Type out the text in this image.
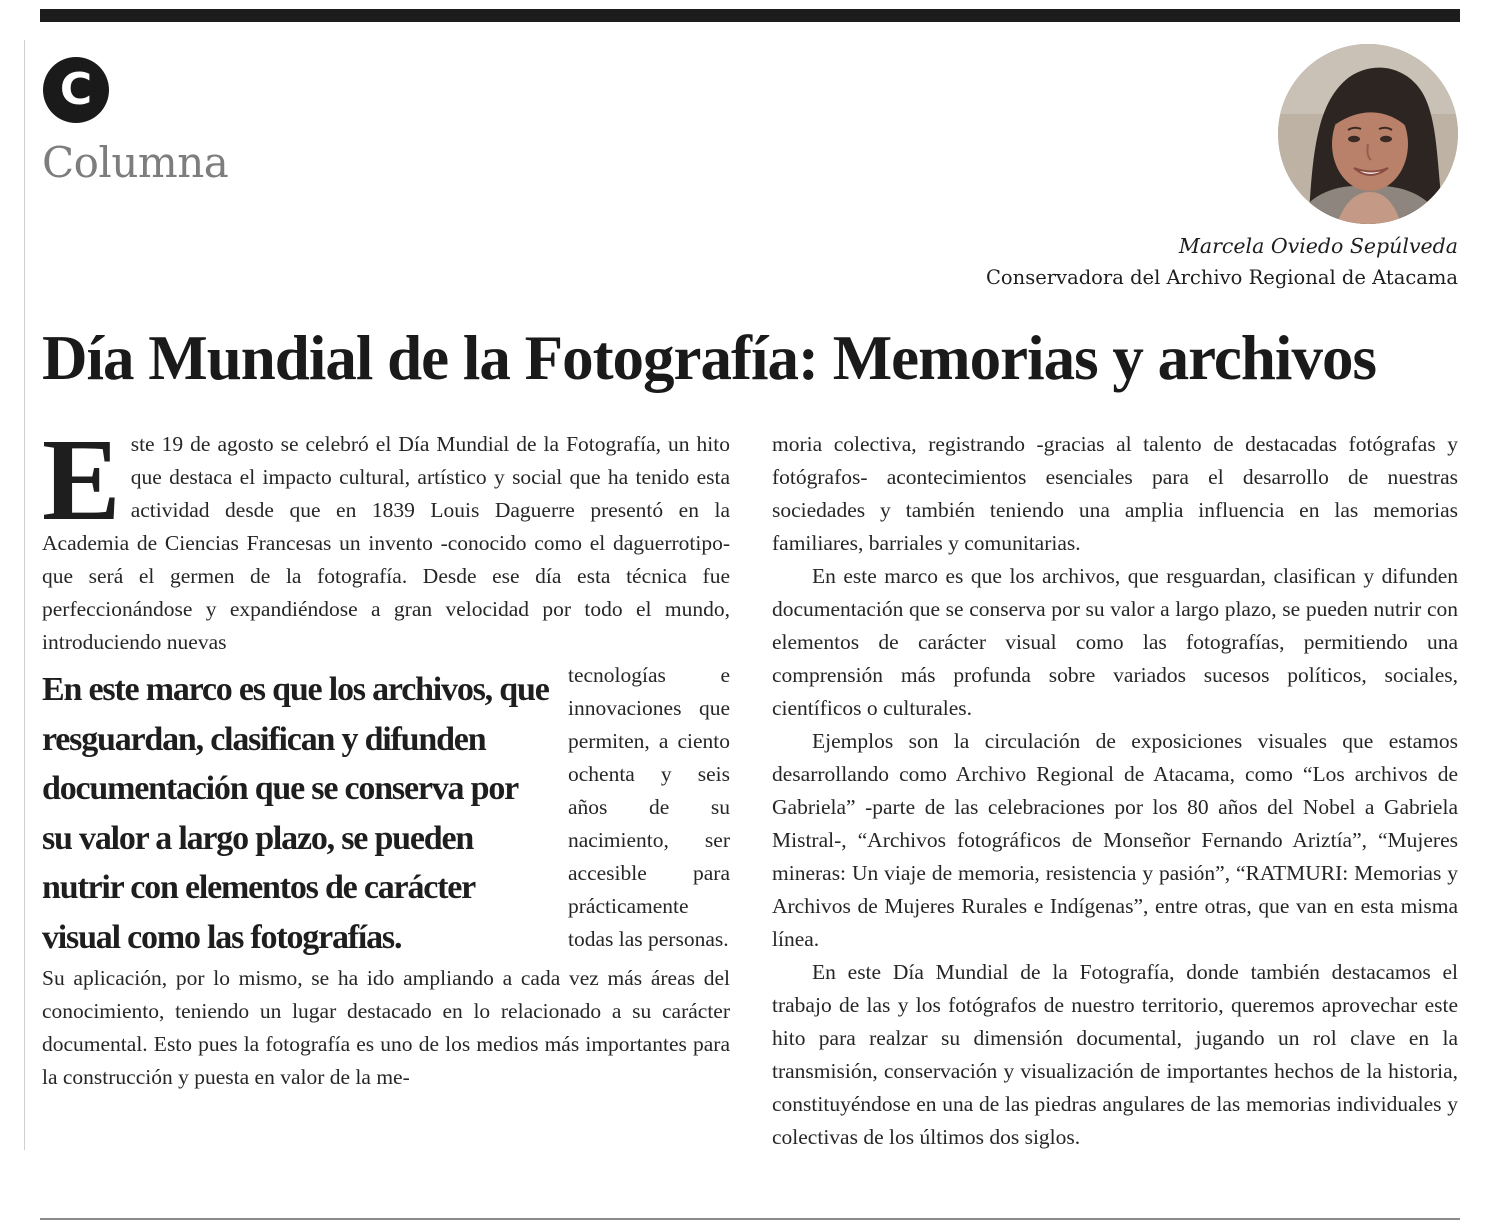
C
Columna
Marcela Oviedo Sepúlveda
Conservadora del Archivo Regional de Atacama
Día Mundial de la Fotografía: Memorias y archivos
E ste 19 de agosto se celebró el Día Mundial de la Fotografía, un hito que destaca el impacto cultural, artístico y social que ha tenido esta actividad desde que en 1839 Louis Daguerre presentó en la Academia de Ciencias Francesas un invento -conocido como el daguerrotipo- que será el germen de la fotografía. Desde ese día esta técnica fue perfeccionándose y expandiéndose a gran velocidad por todo el mundo, introduciendo nuevas

En este marco es que los archivos, que resguardan, clasifican y difunden documentación que se conserva por su valor a largo plazo, se pueden nutrir con elementos de carácter visual como las fotografías.

tecnologías e innovaciones que permiten, a ciento ochenta y seis años de su nacimiento, ser accesible para prácticamente todas las personas.

Su aplicación, por lo mismo, se ha ido ampliando a cada vez más áreas del conocimiento, teniendo un lugar destacado en lo relacionado a su carácter documental. Esto pues la fotografía es uno de los medios más importantes para la construcción y puesta en valor de la me-

moria colectiva, registrando -gracias al talento de destacadas fotógrafas y fotógrafos- acontecimientos esenciales para el desarrollo de nuestras sociedades y también teniendo una amplia influencia en las memorias familiares, barriales y comunitarias.

En este marco es que los archivos, que resguardan, clasifican y difunden documentación que se conserva por su valor a largo plazo, se pueden nutrir con elementos de carácter visual como las fotografías, permitiendo una comprensión más profunda sobre variados sucesos políticos, sociales, científicos o culturales.

Ejemplos son la circulación de exposiciones visuales que estamos desarrollando como Archivo Regional de Atacama, como “Los archivos de Gabriela” -parte de las celebraciones por los 80 años del Nobel a Gabriela Mistral-, “Archivos fotográficos de Monseñor Fernando Ariztía”, “Mujeres mineras: Un viaje de memoria, resistencia y pasión”, “RATMURI: Memorias y Archivos de Mujeres Rurales e Indígenas”, entre otras, que van en esta misma línea.

En este Día Mundial de la Fotografía, donde también destacamos el trabajo de las y los fotógrafos de nuestro territorio, queremos aprovechar este hito para realzar su dimensión documental, jugando un rol clave en la transmisión, conservación y visualización de importantes hechos de la historia, constituyéndose en una de las piedras angulares de las memorias individuales y colectivas de los últimos dos siglos.
